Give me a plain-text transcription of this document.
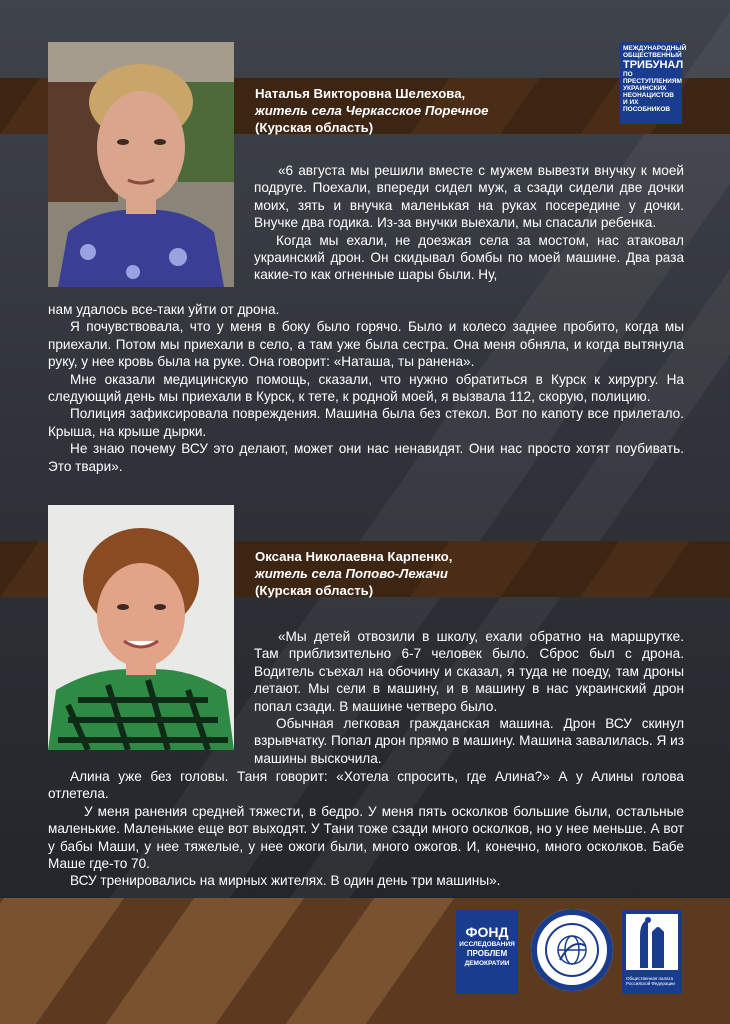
МЕЖДУНАРОДНЫЙ
ОБЩЕСТВЕННЫЙ
ТРИБУНАЛ
ПО ПРЕСТУПЛЕНИЯМ УКРАИНСКИХ НЕОНАЦИСТОВ И ИХ ПОСОБНИКОВ
Наталья Викторовна Шелехова,
житель села Черкасское Поречное
(Курская область)

«6 августа мы решили вместе с мужем вывезти внучку к моей подруге. Поехали, впереди сидел муж, а сзади сидели две дочки моих, зять и внучка маленькая на руках посередине у дочки. Внучке два годика. Из-за внучки выехали, мы спасали ребенка.

Когда мы ехали, не доезжая села за мостом, нас атаковал украинский дрон. Он скидывал бомбы по моей машине. Два раза какие-то как огненные шары были. Ну,

нам удалось все-таки уйти от дрона.

Я почувствовала, что у меня в боку было горячо. Было и колесо заднее пробито, когда мы приехали. Потом мы приехали в село, а там уже была сестра. Она меня обняла, и когда вытянула руку, у нее кровь была на руке. Она говорит: «Наташа, ты ранена».

Мне оказали медицинскую помощь, сказали, что нужно обратиться в Курск к хирургу. На следующий день мы приехали в Курск, к тете, к родной моей, я вызвала 112, скорую, полицию.

Полиция зафиксировала повреждения. Машина была без стекол. Вот по капоту все прилетало. Крыша, на крыше дырки.

Не знаю почему ВСУ это делают, может они нас ненавидят. Они нас просто хотят поубивать. Это твари».

Оксана Николаевна Карпенко,
житель села Попово-Лежачи
(Курская область)

«Мы детей отвозили в школу, ехали обратно на маршрутке. Там приблизительно 6-7 человек было. Сброс был с дрона. Водитель съехал на обочину и сказал, я туда не поеду, там дроны летают. Мы сели в машину, и в машину в нас украинский дрон попал сзади. В машине четверо было.

Обычная легковая гражданская машина. Дрон ВСУ скинул взрывчатку. Попал дрон прямо в машину. Машина завалилась. Я из машины выскочила.

Алина уже без головы. Таня говорит: «Хотела спросить, где Алина?» А у Алины голова отлетела.

У меня ранения средней тяжести, в бедро. У меня пять осколков большие были, остальные маленькие. Маленькие еще вот выходят. У Тани тоже сзади много осколков, но у нее меньше. А вот у бабы Маши, у нее тяжелые, у нее ожоги были, много ожогов. И, конечно, много осколков. Бабе Маше где-то 70.

ВСУ тренировались на мирных жителях. В один день три машины».

ФОНД
ИССЛЕДОВАНИЯ
ПРОБЛЕМ
ДЕМОКРАТИИ
Общественная палата Российской Федерации
